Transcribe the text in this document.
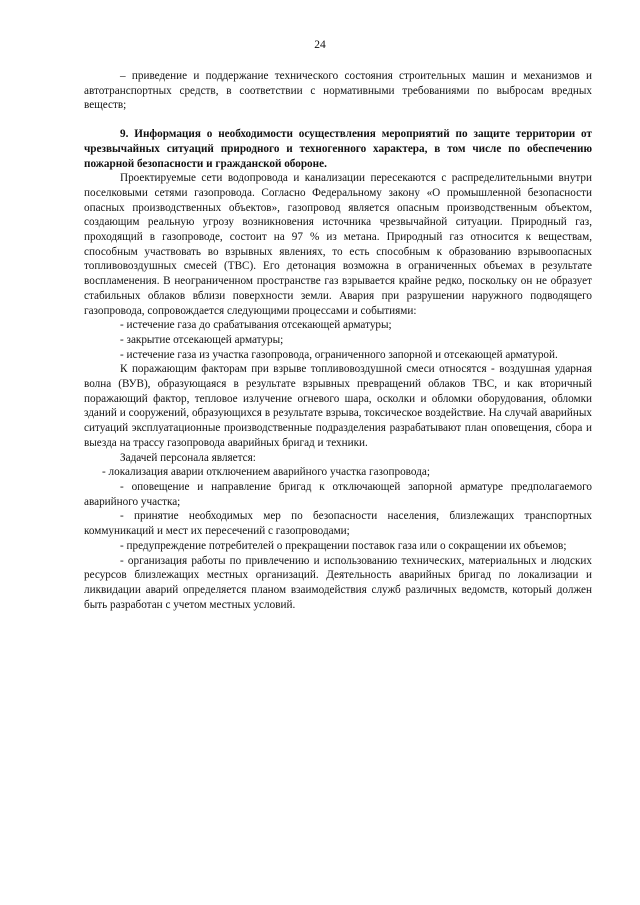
24

– приведение и поддержание технического состояния строительных машин и механизмов и автотранспортных средств, в соответствии с нормативными требованиями по выбросам вредных веществ;

9. Информация о необходимости осуществления мероприятий по защите территории от чрезвычайных ситуаций природного и техногенного характера, в том числе по обеспечению пожарной безопасности и гражданской обороне.

Проектируемые сети водопровода и канализации пересекаются с распределительными внутри поселковыми сетями газопровода. Согласно Федеральному закону «О промышленной безопасности опасных производственных объектов», газопровод является опасным производственным объектом, создающим реальную угрозу возникновения источника чрезвычайной ситуации. Природный газ, проходящий в газопроводе, состоит на 97 % из метана. Природный газ относится к веществам, способным участвовать во взрывных явлениях, то есть способным к образованию взрывоопасных топливовоздушных смесей (ТВС). Его детонация возможна в ограниченных объемах в результате воспламенения. В неограниченном пространстве газ взрывается крайне редко, поскольку он не образует стабильных облаков вблизи поверхности земли. Авария при разрушении наружного подводящего газопровода, сопровождается следующими процессами и событиями:

- истечение газа до срабатывания отсекающей арматуры;

- закрытие отсекающей арматуры;

- истечение газа из участка газопровода, ограниченного запорной и отсекающей арматурой.

К поражающим факторам при взрыве топливовоздушной смеси относятся - воздушная ударная волна (ВУВ), образующаяся в результате взрывных превращений облаков ТВС, и как вторичный поражающий фактор, тепловое излучение огневого шара, осколки и обломки оборудования, обломки зданий и сооружений, образующихся в результате взрыва, токсическое воздействие. На случай аварийных ситуаций эксплуатационные производственные подразделения разрабатывают план оповещения, сбора и выезда на трассу газопровода аварийных бригад и техники.

Задачей персонала является:

- локализация аварии отключением аварийного участка газопровода;

- оповещение и направление бригад к отключающей запорной арматуре предполагаемого аварийного участка;

- принятие необходимых мер по безопасности населения, близлежащих транспортных коммуникаций и мест их пересечений с газопроводами;

- предупреждение потребителей о прекращении поставок газа или о сокращении их объемов;

- организация работы по привлечению и использованию технических, материальных и людских ресурсов близлежащих местных организаций. Деятельность аварийных бригад по локализации и ликвидации аварий определяется планом взаимодействия служб различных ведомств, который должен быть разработан с учетом местных условий.
